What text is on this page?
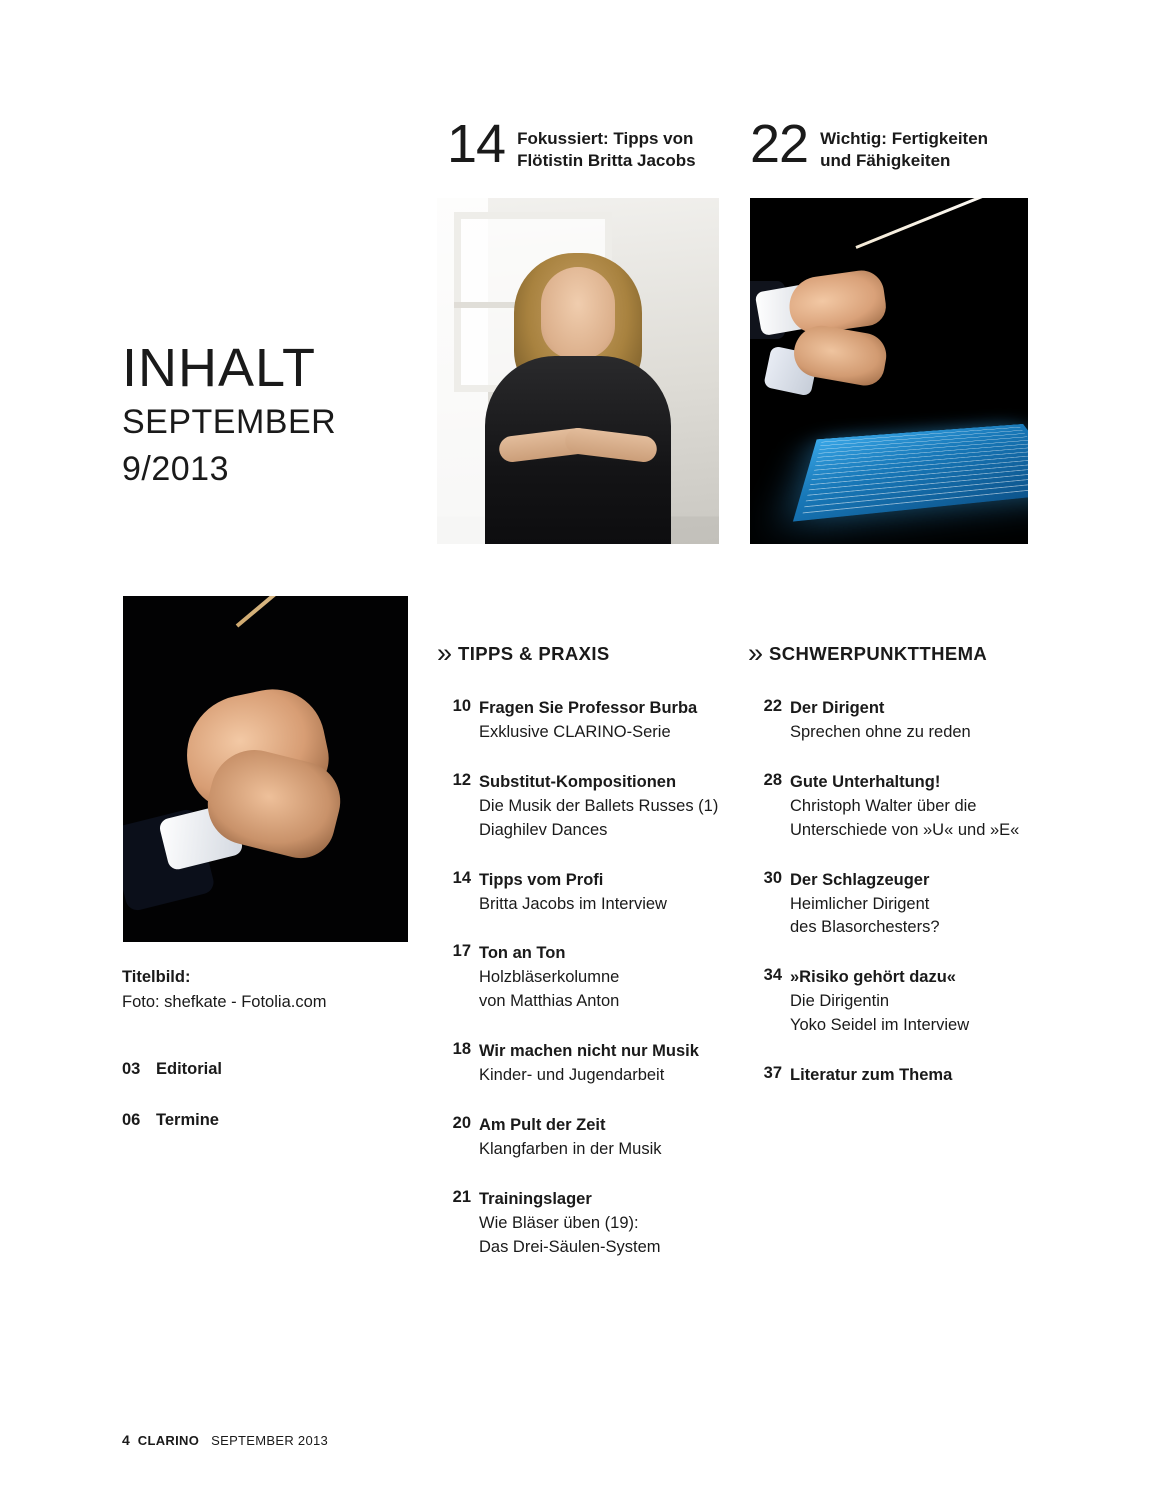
14 Fokussiert: Tipps von
Flötistin Britta Jacobs 22 Wichtig: Fertigkeiten
und Fähigkeiten
INHALT
SEPTEMBER
9/2013
Titelbild:
Foto: shefkate - Fotolia.com
03 Editorial
06 Termine
» TIPPS & PRAXIS
10 Fragen Sie Professor Burba
Exklusive CLARINO-Serie
12 Substitut-Kompositionen
Die Musik der Ballets Russes (1)
Diaghilev Dances
14 Tipps vom Profi
Britta Jacobs im Interview
17 Ton an Ton
Holzbläserkolumne
von Matthias Anton
18 Wir machen nicht nur Musik
Kinder- und Jugendarbeit
20 Am Pult der Zeit
Klangfarben in der Musik
21 Trainingslager
Wie Bläser üben (19):
Das Drei-Säulen-System
» SCHWERPUNKTTHEMA
22 Der Dirigent
Sprechen ohne zu reden
28 Gute Unterhaltung!
Christoph Walter über die
Unterschiede von »U« und »E«
30 Der Schlagzeuger
Heimlicher Dirigent
des Blasorchesters?
34 »Risiko gehört dazu«
Die Dirigentin
Yoko Seidel im Interview
37 Literatur zum Thema
4 CLARINO SEPTEMBER 2013
